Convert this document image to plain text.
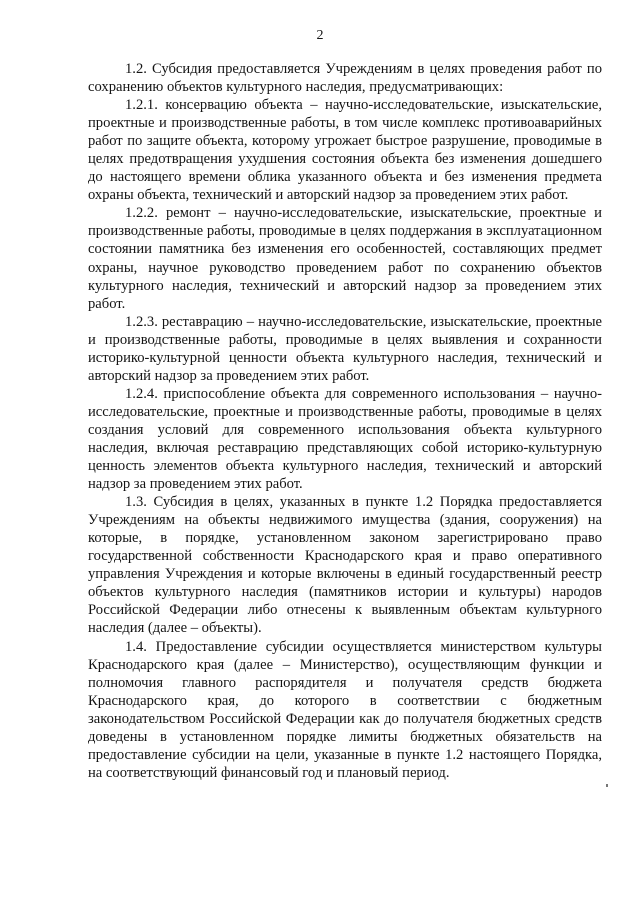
2

1.2. Субсидия предоставляется Учреждениям в целях проведения работ по сохранению объектов культурного наследия, предусматривающих:

1.2.1. консервацию объекта – научно-исследовательские, изыскательские, проектные и производственные работы, в том числе комплекс противоаварийных работ по защите объекта, которому угрожает быстрое разрушение, проводимые в целях предотвращения ухудшения состояния объекта без изменения дошедшего до настоящего времени облика указанного объекта и без изменения предмета охраны объекта, технический и авторский надзор за проведением этих работ.

1.2.2. ремонт – научно-исследовательские, изыскательские, проектные и производственные работы, проводимые в целях поддержания в эксплуатационном состоянии памятника без изменения его особенностей, составляющих предмет охраны, научное руководство проведением работ по сохранению объектов культурного наследия, технический и авторский надзор за проведением этих работ.

1.2.3. реставрацию – научно-исследовательские, изыскательские, проектные и производственные работы, проводимые в целях выявления и сохранности историко-культурной ценности объекта культурного наследия, технический и авторский надзор за проведением этих работ.

1.2.4. приспособление объекта для современного использования – научно-исследовательские, проектные и производственные работы, проводимые в целях создания условий для современного использования объекта культурного наследия, включая реставрацию представляющих собой историко-культурную ценность элементов объекта культурного наследия, технический и авторский надзор за проведением этих работ.

1.3. Субсидия в целях, указанных в пункте 1.2 Порядка предоставляется Учреждениям на объекты недвижимого имущества (здания, сооружения) на которые, в порядке, установленном законом зарегистрировано право государственной собственности Краснодарского края и право оперативного управления Учреждения и которые включены в единый государственный реестр объектов культурного наследия (памятников истории и культуры) народов Российской Федерации либо отнесены к выявленным объектам культурного наследия (далее – объекты).

1.4. Предоставление субсидии осуществляется министерством культуры Краснодарского края (далее – Министерство), осуществляющим функции и полномочия главного распорядителя и получателя средств бюджета Краснодарского края, до которого в соответствии с бюджетным законодательством Российской Федерации как до получателя бюджетных средств доведены в установленном порядке лимиты бюджетных обязательств на предоставление субсидии на цели, указанные в пункте 1.2 настоящего Порядка, на соответствующий финансовый год и плановый период.
